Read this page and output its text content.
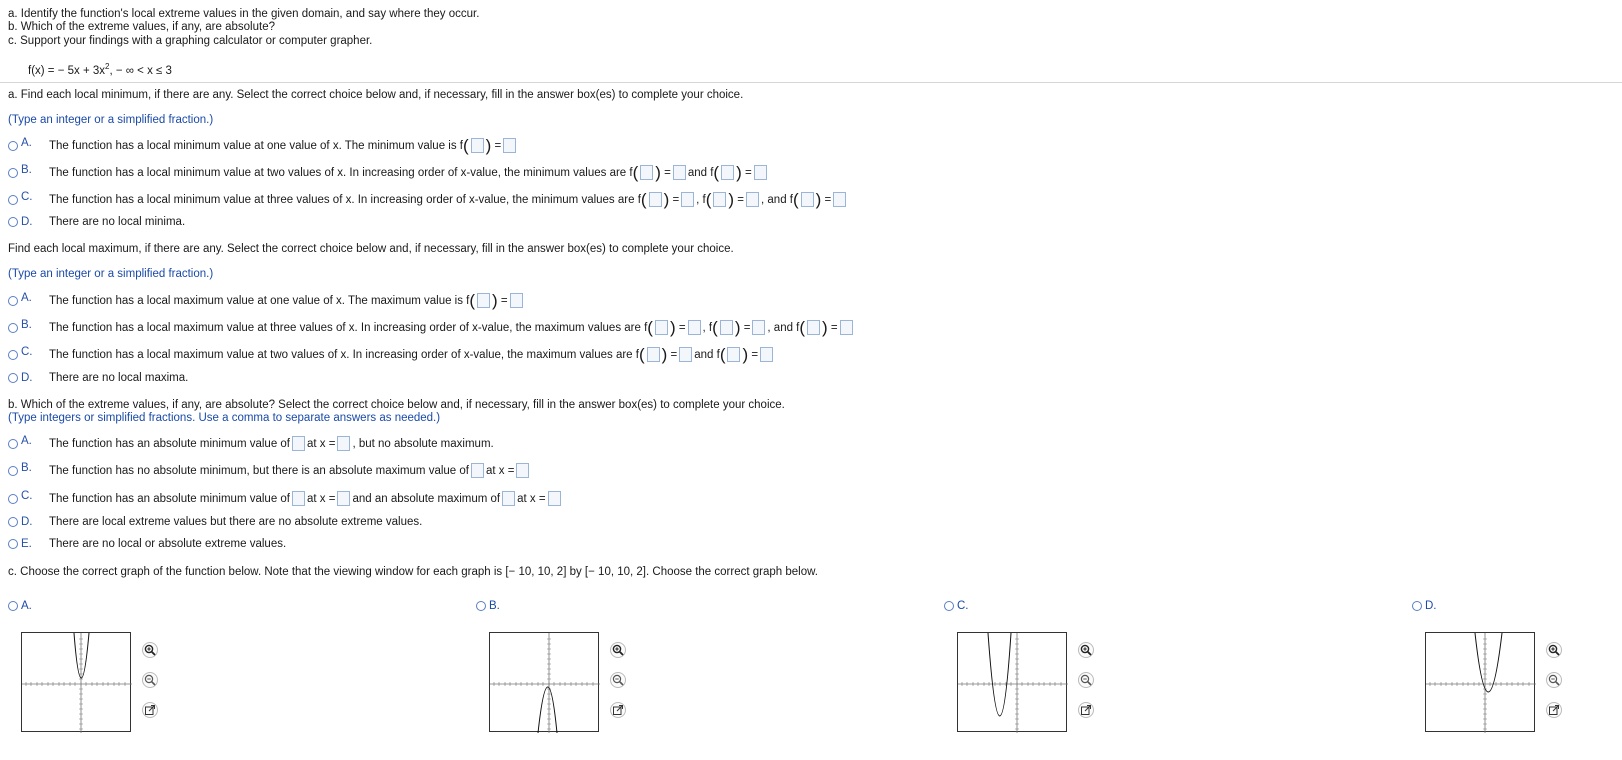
a. Identify the function's local extreme values in the given domain, and say where they occur.
b. Which of the extreme values, if any, are absolute?
c. Support your findings with a graphing calculator or computer grapher.
f(x) = − $5x + 3x^2$, − ∞ < x ≤ 3
a. Find each local minimum, if there are any. Select the correct choice below and, if necessary, fill in the answer box(es) to complete your choice.
(Type an integer or a simplified fraction.)
A.	The function has a local minimum value at one value of x. The minimum value is f ( )
=
B.	The function has a local minimum value at two values of x. In increasing order of x-value, the minimum values are f ( )
= and f ( )
=
C.	The function has a local minimum value at three values of x. In increasing order of x-value, the minimum values are f ( )
= , f ( )
= , and f ( )
=
D.	There are no local minima.
Find each local maximum, if there are any. Select the correct choice below and, if necessary, fill in the answer box(es) to complete your choice.
(Type an integer or a simplified fraction.)
A.	The function has a local maximum value at one value of x. The maximum value is f ( )
=
B.	The function has a local maximum value at three values of x. In increasing order of x-value, the maximum values are f ( )
= , f ( )
= , and f ( )
=
C.	The function has a local maximum value at two values of x. In increasing order of x-value, the maximum values are f ( )
= and f ( )
=
D.	There are no local maxima.
b. Which of the extreme values, if any, are absolute? Select the correct choice below and, if necessary, fill in the answer box(es) to complete your choice.
(Type integers or simplified fractions. Use a comma to separate answers as needed.)
A.	The function has an absolute minimum value of at x = , but no absolute maximum.
B.	The function has no absolute minimum, but there is an absolute maximum value of at x =
C.	The function has an absolute minimum value of at x = and an absolute maximum of at x =
D.	There are local extreme values but there are no absolute extreme values.
E.	There are no local or absolute extreme values.
c. Choose the correct graph of the function below. Note that the viewing window for each graph is [− 10, 10, 2] by [− 10, 10, 2]. Choose the correct graph below.
A.	B.	C.	D.
